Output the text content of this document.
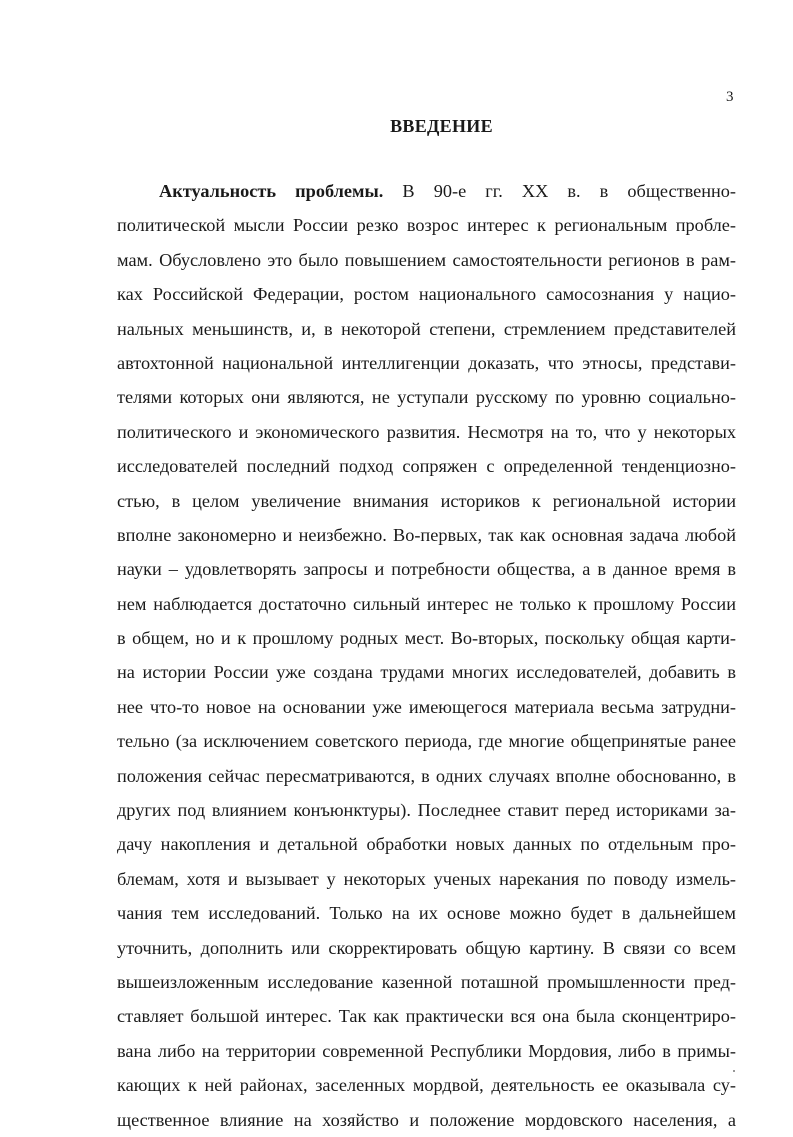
3
ВВЕДЕНИЕ
Актуальность проблемы. В 90-е гг. XX в. в общественно-
политической мысли России резко возрос интерес к региональным пробле-
мам. Обусловлено это было повышением самостоятельности регионов в рам-
ках Российской Федерации, ростом национального самосознания у нацио-
нальных меньшинств, и, в некоторой степени, стремлением представителей
автохтонной национальной интеллигенции доказать, что этносы, представи-
телями которых они являются, не уступали русскому по уровню социально-
политического и экономического развития. Несмотря на то, что у некоторых
исследователей последний подход сопряжен с определенной тенденциозно-
стью, в целом увеличение внимания историков к региональной истории
вполне закономерно и неизбежно. Во-первых, так как основная задача любой
науки – удовлетворять запросы и потребности общества, а в данное время в
нем наблюдается достаточно сильный интерес не только к прошлому России
в общем, но и к прошлому родных мест. Во-вторых, поскольку общая карти-
на истории России уже создана трудами многих исследователей, добавить в
нее что-то новое на основании уже имеющегося материала весьма затрудни-
тельно (за исключением советского периода, где многие общепринятые ранее
положения сейчас пересматриваются, в одних случаях вполне обоснованно, в
других под влиянием конъюнктуры). Последнее ставит перед историками за-
дачу накопления и детальной обработки новых данных по отдельным про-
блемам, хотя и вызывает у некоторых ученых нарекания по поводу измель-
чания тем исследований. Только на их основе можно будет в дальнейшем
уточнить, дополнить или скорректировать общую картину. В связи со всем
вышеизложенным исследование казенной поташной промышленности пред-
ставляет большой интерес. Так как практически вся она была сконцентриро-
вана либо на территории современной Республики Мордовия, либо в примы-
кающих к ней районах, заселенных мордвой, деятельность ее оказывала су-
щественное влияние на хозяйство и положение мордовского населения, а
